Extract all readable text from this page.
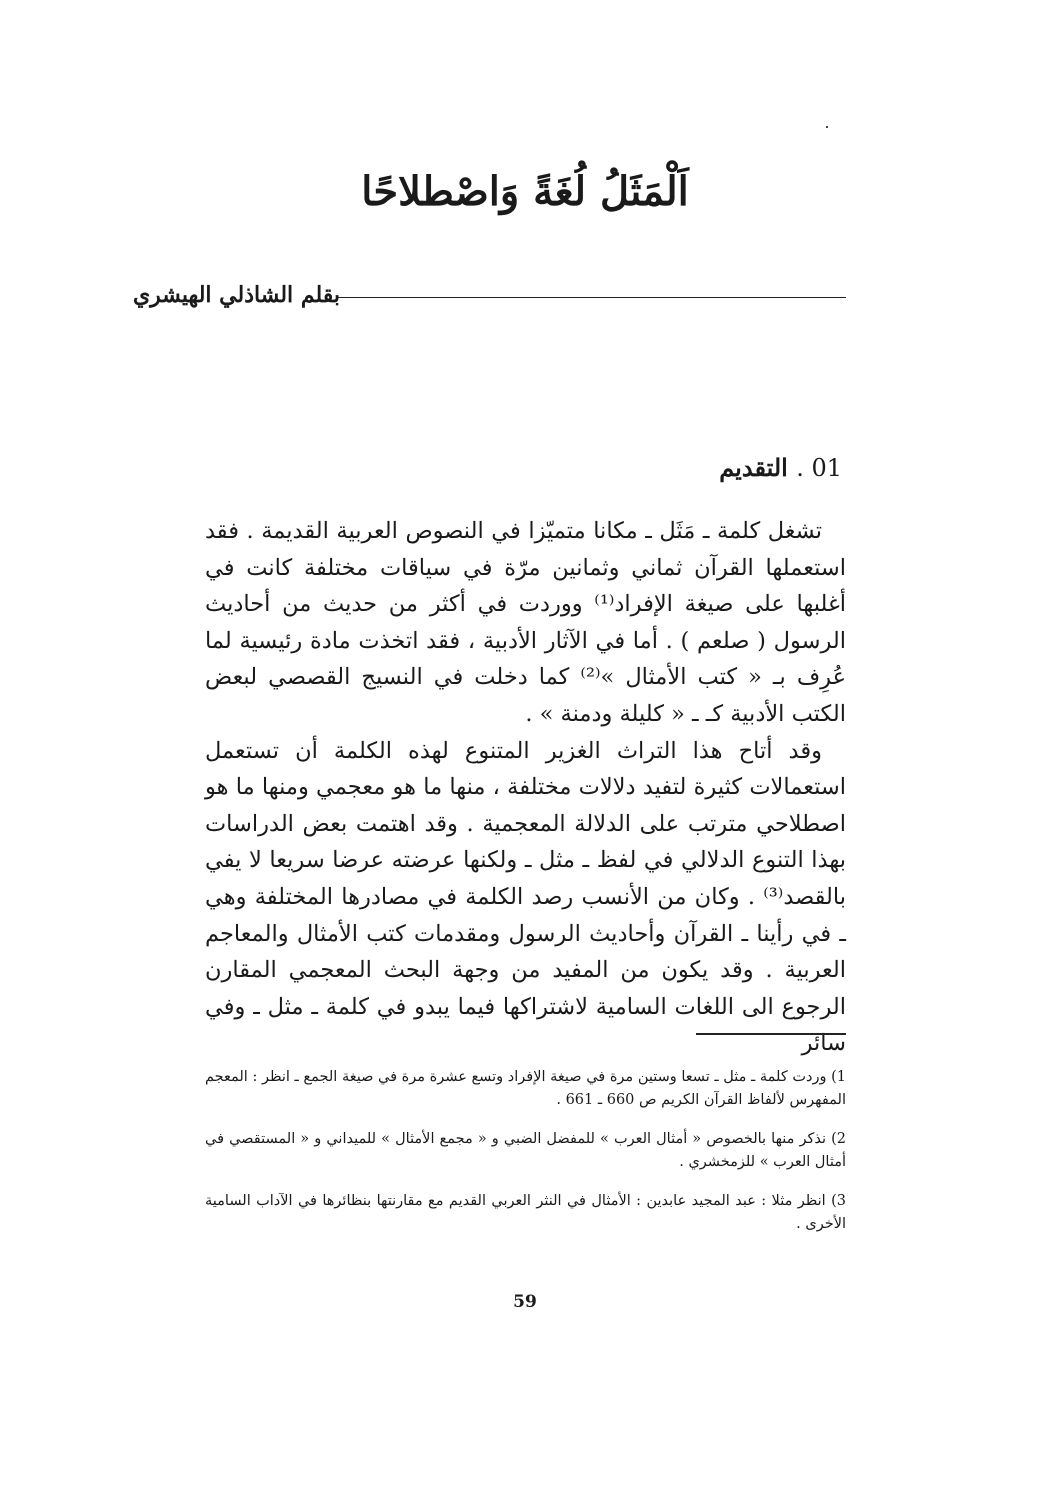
اَلْمَثَلُ لُغَةً وَاصْطلاحًا
بقلم الشاذلي الهيشري
01 . التقديم

تشغل كلمة ـ مَثَل ـ مكانا متميّزا في النصوص العربية القديمة . فقد استعملها القرآن ثماني وثمانين مرّة في سياقات مختلفة كانت في أغلبها على صيغة الإفراد⁽¹⁾ ووردت في أكثر من حديث من أحاديث الرسول ( صلعم ) . أما في الآثار الأدبية ، فقد اتخذت مادة رئيسية لما عُرِف بـ « كتب الأمثال »⁽²⁾ كما دخلت في النسيج القصصي لبعض الكتب الأدبية كـ ـ « كليلة ودمنة » .

وقد أتاح هذا التراث الغزير المتنوع لهذه الكلمة أن تستعمل استعمالات كثيرة لتفيد دلالات مختلفة ، منها ما هو معجمي ومنها ما هو اصطلاحي مترتب على الدلالة المعجمية . وقد اهتمت بعض الدراسات بهذا التنوع الدلالي في لفظ ـ مثل ـ ولكنها عرضته عرضا سريعا لا يفي بالقصد⁽³⁾ . وكان من الأنسب رصد الكلمة في مصادرها المختلفة وهي ـ في رأينا ـ القرآن وأحاديث الرسول ومقدمات كتب الأمثال والمعاجم العربية . وقد يكون من المفيد من وجهة البحث المعجمي المقارن الرجوع الى اللغات السامية لاشتراكها فيما يبدو في كلمة ـ مثل ـ وفي سائر

1) وردت كلمة ـ مثل ـ تسعا وستين مرة في صيغة الإفراد وتسع عشرة مرة في صيغة الجمع ـ انظر : المعجم المفهرس لألفاظ القرآن الكريم ص 660 ـ 661 .

2) نذكر منها بالخصوص « أمثال العرب » للمفضل الضبي و « مجمع الأمثال » للميداني و « المستقصي في أمثال العرب » للزمخشري .

3) انظر مثلا : عبد المجيد عابدين : الأمثال في النثر العربي القديم مع مقارنتها بنظائرها في الآداب السامية الأخرى .

59
